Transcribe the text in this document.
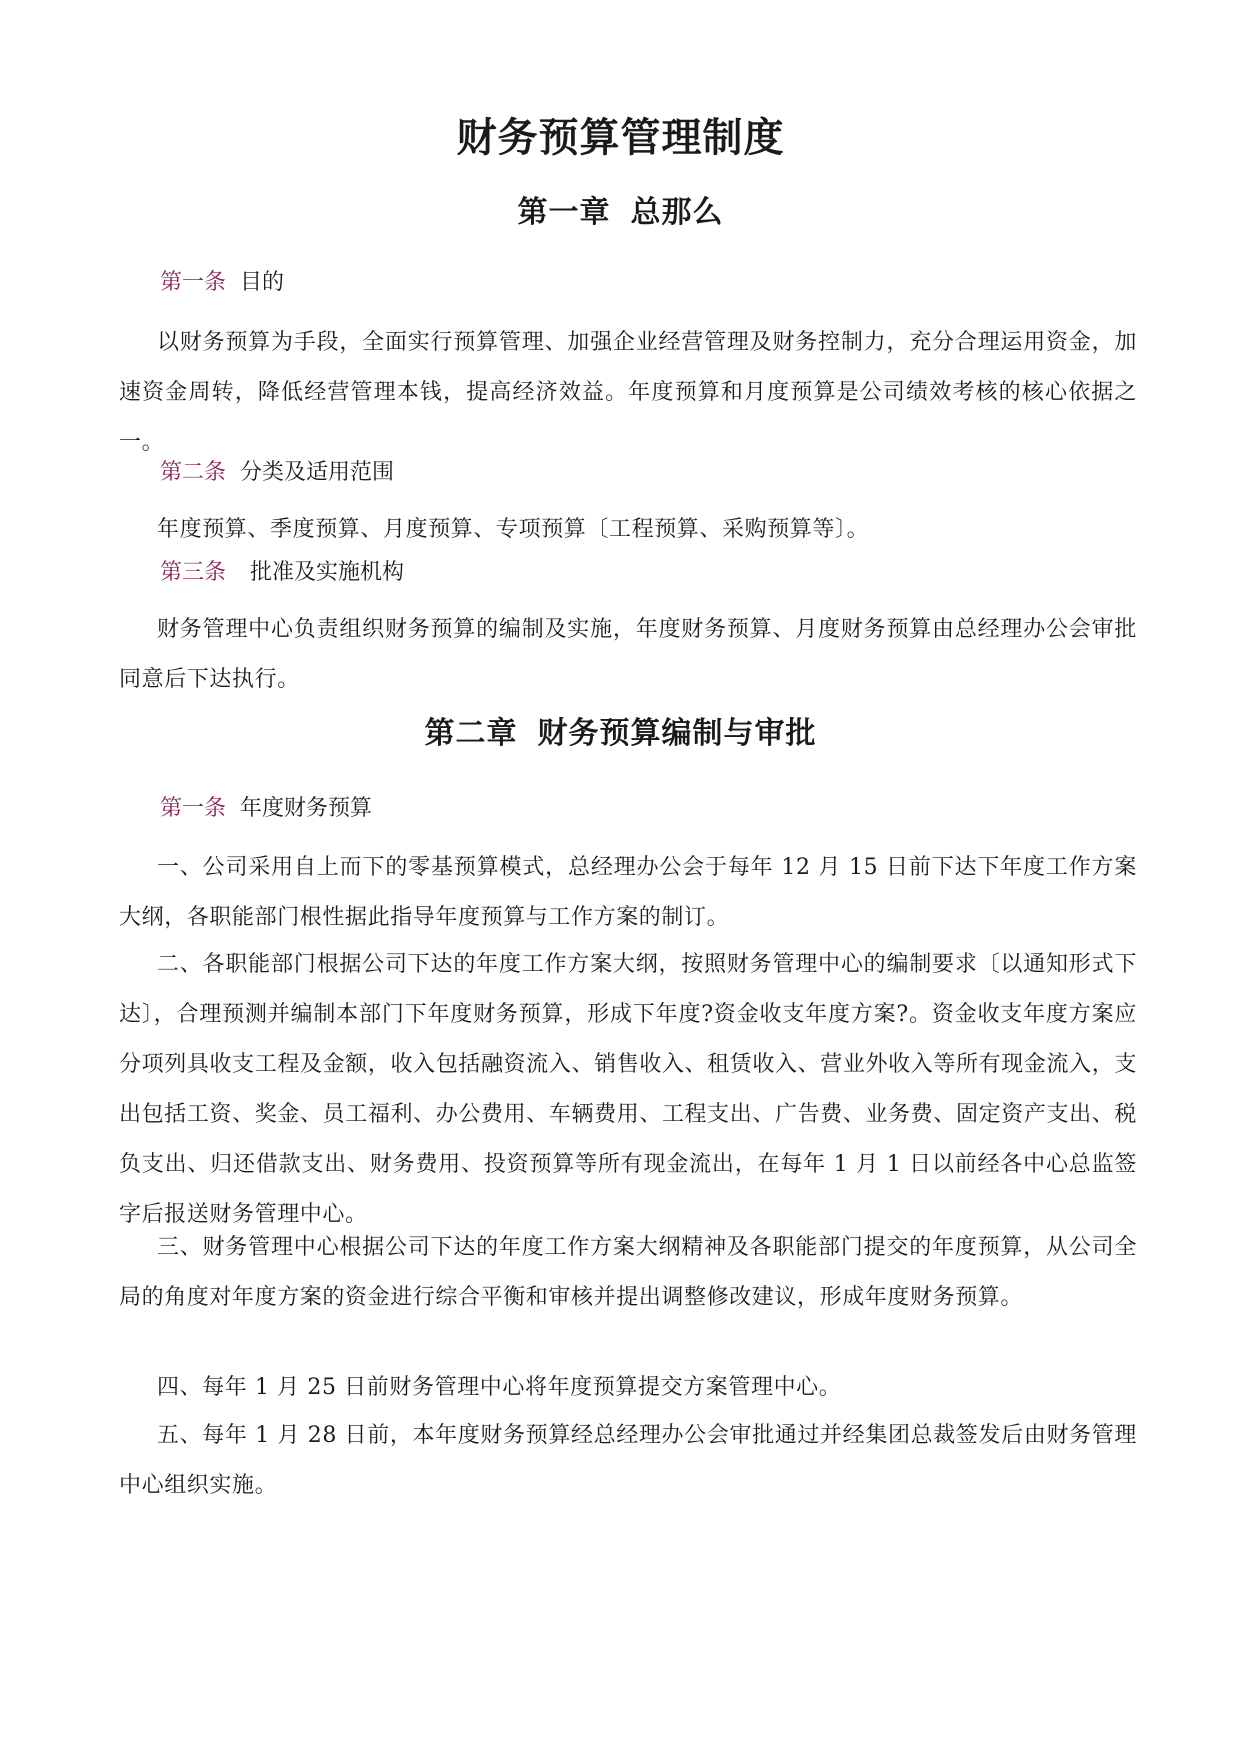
财务预算管理制度
第一章 总那么

第一条 目的

以财务预算为手段，全面实行预算管理、加强企业经营管理及财务控制力，充分合理运用资金，加速资金周转，降低经营管理本钱，提高经济效益。年度预算和月度预算是公司绩效考核的核心依据之一。

第二条 分类及适用范围

年度预算、季度预算、月度预算、专项预算〔工程预算、采购预算等〕。

第三条 批准及实施机构

财务管理中心负责组织财务预算的编制及实施，年度财务预算、月度财务预算由总经理办公会审批同意后下达执行。

第二章 财务预算编制与审批

第一条 年度财务预算

一、公司采用自上而下的零基预算模式，总经理办公会于每年 12 月 15 日前下达下年度工作方案大纲，各职能部门根性据此指导年度预算与工作方案的制订。

二、各职能部门根据公司下达的年度工作方案大纲，按照财务管理中心的编制要求〔以通知形式下达〕，合理预测并编制本部门下年度财务预算，形成下年度?资金收支年度方案?。资金收支年度方案应分项列具收支工程及金额，收入包括融资流入、销售收入、租赁收入、营业外收入等所有现金流入，支出包括工资、奖金、员工福利、办公费用、车辆费用、工程支出、广告费、业务费、固定资产支出、税负支出、归还借款支出、财务费用、投资预算等所有现金流出，在每年 1 月 1 日以前经各中心总监签字后报送财务管理中心。

三、财务管理中心根据公司下达的年度工作方案大纲精神及各职能部门提交的年度预算，从公司全局的角度对年度方案的资金进行综合平衡和审核并提出调整修改建议，形成年度财务预算。

四、每年 1 月 25 日前财务管理中心将年度预算提交方案管理中心。

五、每年 1 月 28 日前，本年度财务预算经总经理办公会审批通过并经集团总裁签发后由财务管理中心组织实施。
